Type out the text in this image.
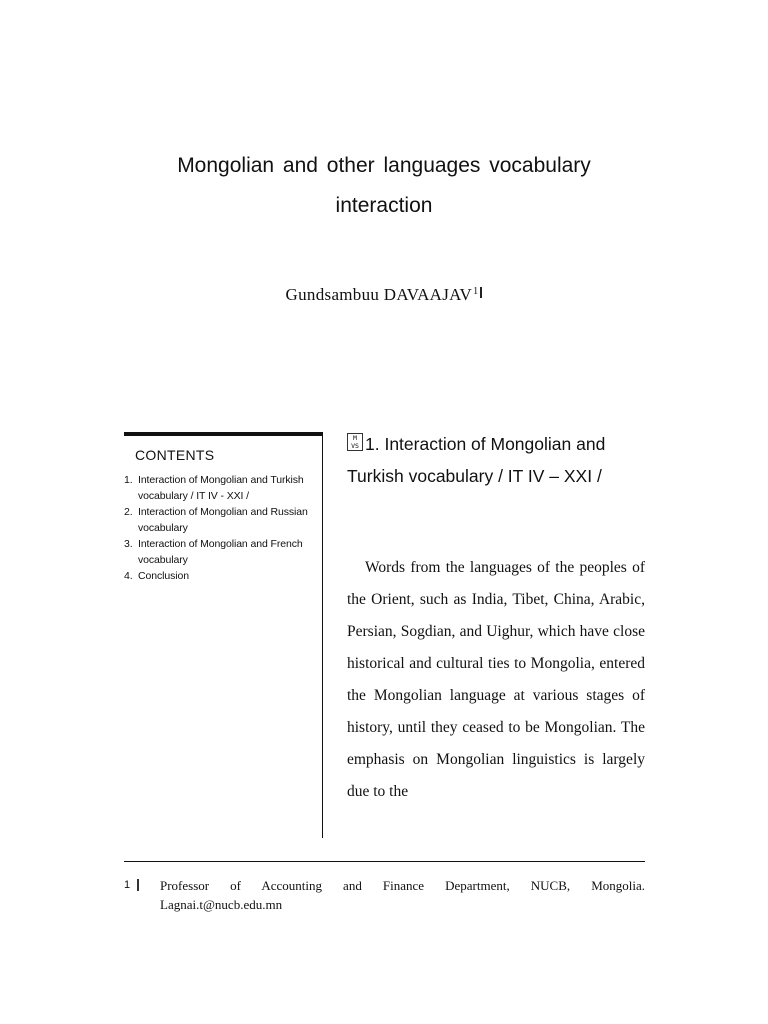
Mongolian and other languages vocabulary
interaction
Gundsambuu DAVAAJAV$^1$
CONTENTS
1. Interaction of Mongolian and Turkish vocabulary / IT IV - XXI /
2. Interaction of Mongolian and Russian vocabulary
3. Interaction of Mongolian and French vocabulary
4. Conclusion
M VS 1. Interaction of Mongolian and Turkish vocabulary / IT IV – XXI /
Words from the languages of the peoples of the Orient, such as India, Tibet, China, Arabic, Persian, Sogdian, and Uighur, which have close historical and cultural ties to Mongolia, entered the Mongolian language at various stages of history, until they ceased to be Mongolian. The emphasis on Mongolian linguistics is largely due to the
1 Professor of Accounting and Finance Department, NUCB, Mongolia.
Lagnai.t@nucb.edu.mn
